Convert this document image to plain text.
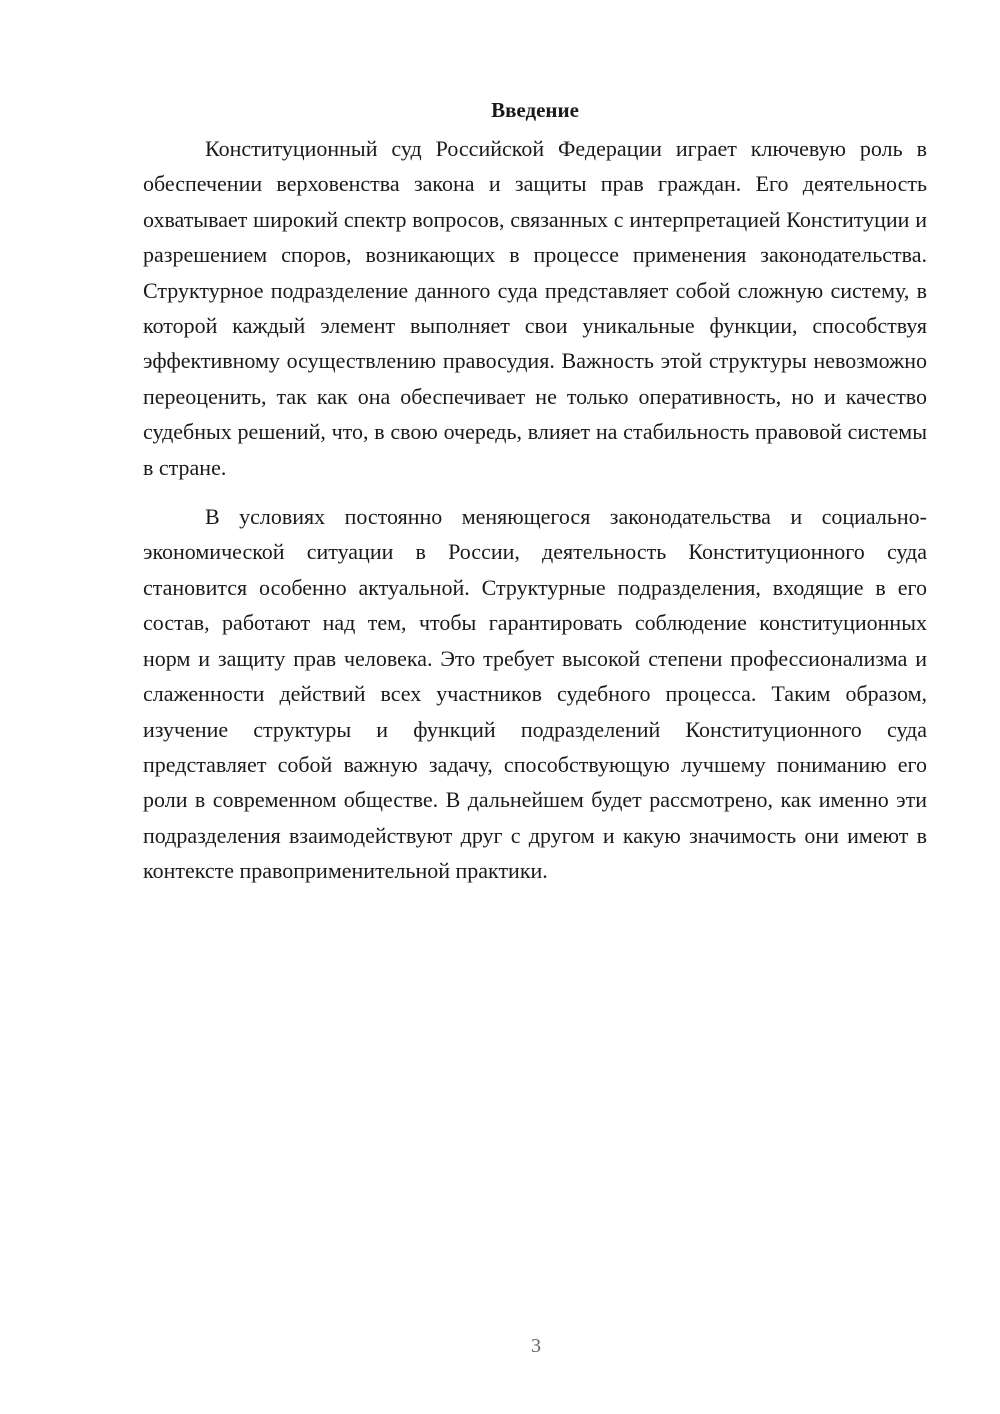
Введение

Конституционный суд Российской Федерации играет ключевую роль в обеспечении верховенства закона и защиты прав граждан. Его деятельность охватывает широкий спектр вопросов, связанных с интерпретацией Конституции и разрешением споров, возникающих в процессе применения законодательства. Структурное подразделение данного суда представляет собой сложную систему, в которой каждый элемент выполняет свои уникальные функции, способствуя эффективному осуществлению правосудия. Важность этой структуры невозможно переоценить, так как она обеспечивает не только оперативность, но и качество судебных решений, что, в свою очередь, влияет на стабильность правовой системы в стране.

В условиях постоянно меняющегося законодательства и социально-экономической ситуации в России, деятельность Конституционного суда становится особенно актуальной. Структурные подразделения, входящие в его состав, работают над тем, чтобы гарантировать соблюдение конституционных норм и защиту прав человека. Это требует высокой степени профессионализма и слаженности действий всех участников судебного процесса. Таким образом, изучение структуры и функций подразделений Конституционного суда представляет собой важную задачу, способствующую лучшему пониманию его роли в современном обществе. В дальнейшем будет рассмотрено, как именно эти подразделения взаимодействуют друг с другом и какую значимость они имеют в контексте правоприменительной практики.

3
